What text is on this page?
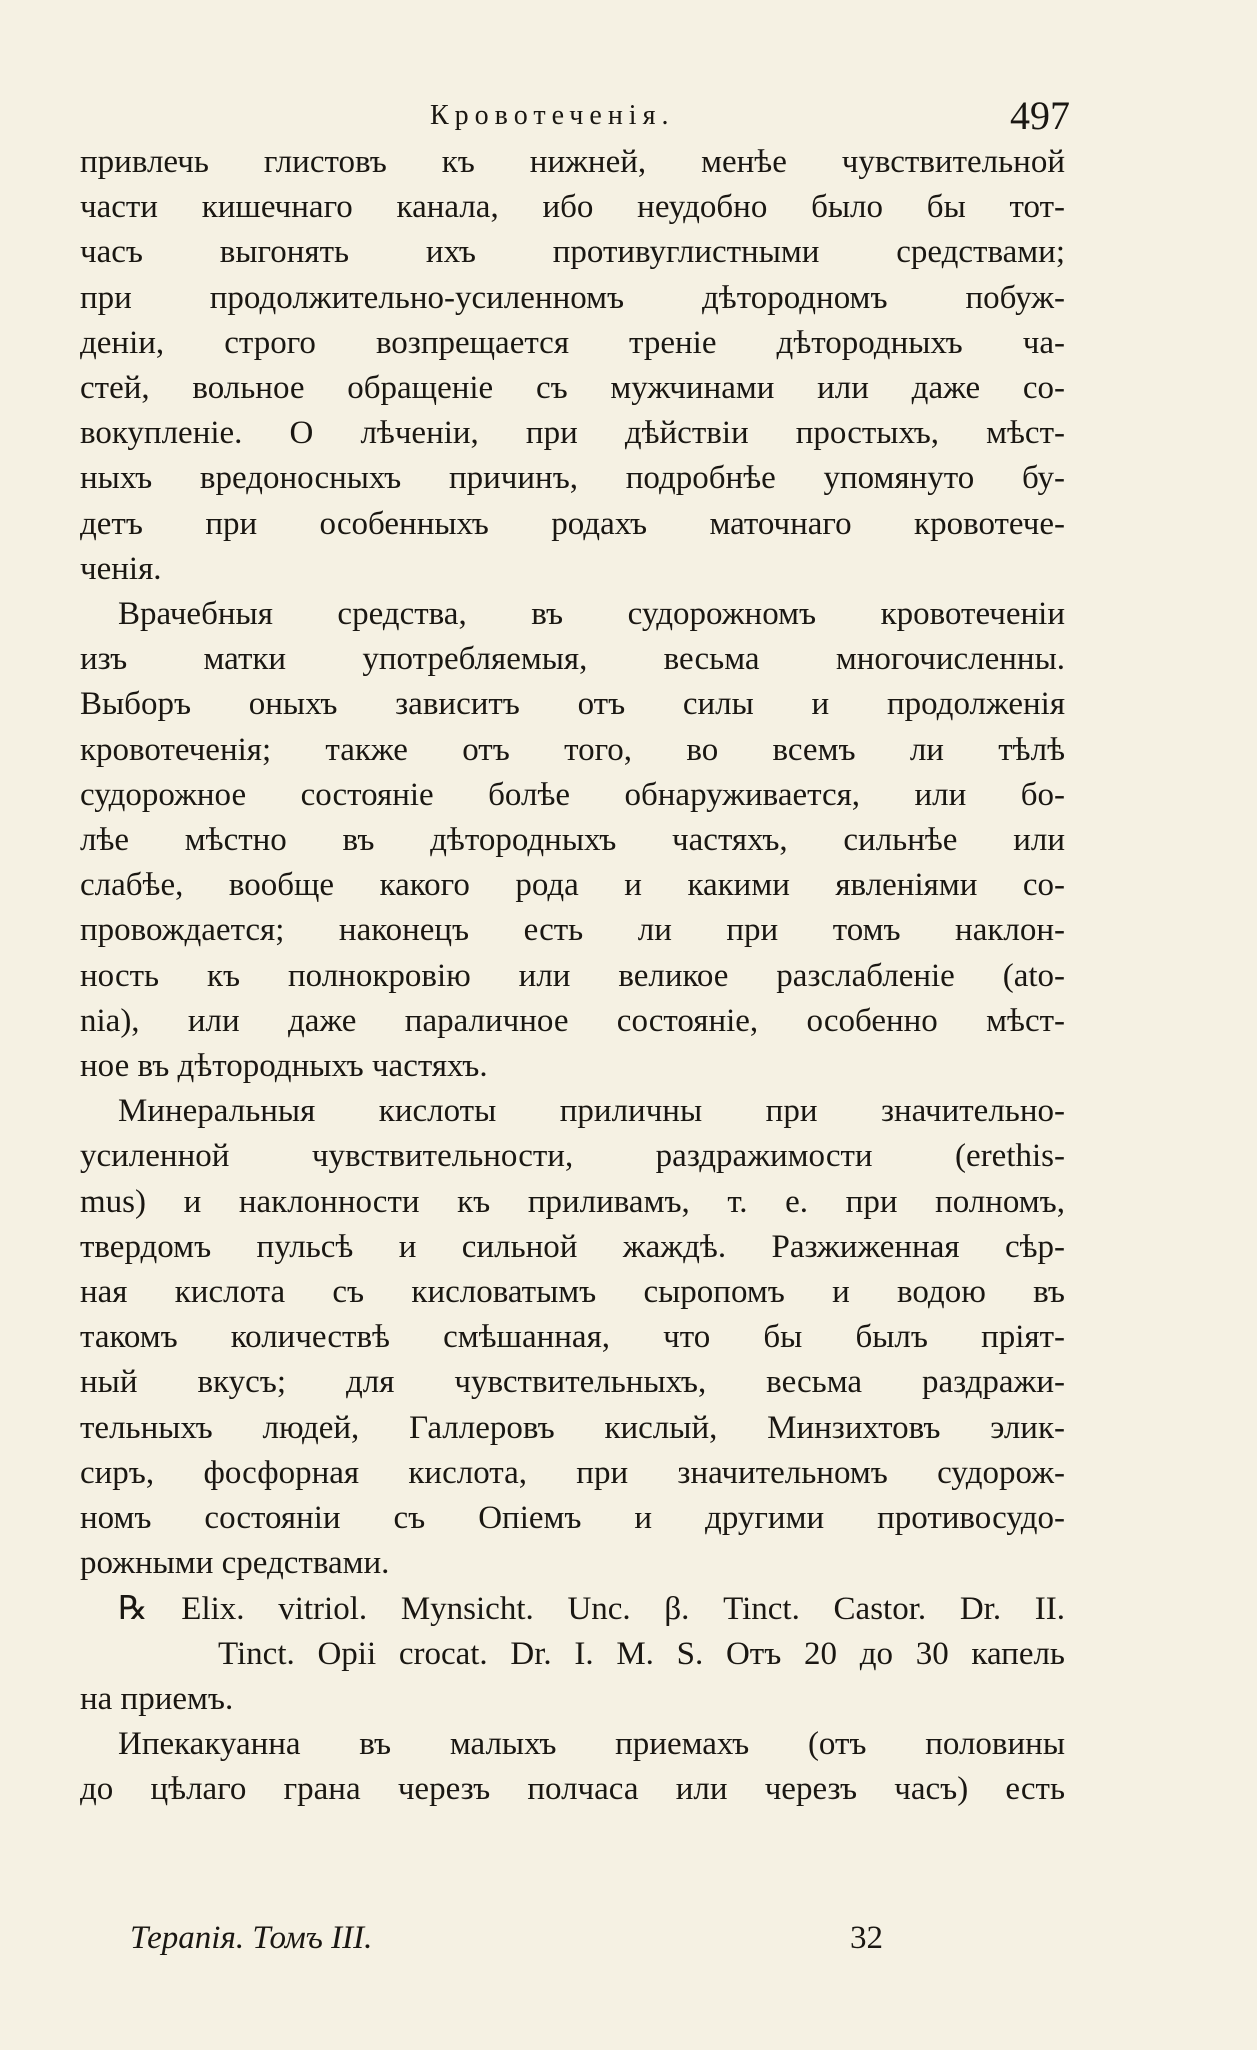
Кровотеченія.	497
привлечь глистовъ къ нижней, менѣе чувствительной
части кишечнаго канала, ибо неудобно было бы тот-
часъ выгонять ихъ противуглистными средствами;
при продолжительно-усиленномъ дѣтородномъ побуж-
деніи, строго возпрещается треніе дѣтородныхъ ча-
стей, вольное обращеніе съ мужчинами или даже со-
вокупленіе. О лѣченіи, при дѣйствіи простыхъ, мѣст-
ныхъ вредоносныхъ причинъ, подробнѣе упомянуто бу-
детъ при особенныхъ родахъ маточнаго кровотече-
ченія.
Врачебныя средства, въ судорожномъ кровотеченіи
изъ матки употребляемыя, весьма многочисленны.
Выборъ оныхъ зависитъ отъ силы и продолженія
кровотеченія; также отъ того, во всемъ ли тѣлѣ
судорожное состояніе болѣе обнаруживается, или бо-
лѣе мѣстно въ дѣтородныхъ частяхъ, сильнѣе или
слабѣе, вообще какого рода и какими явленіями со-
провождается; наконецъ есть ли при томъ наклон-
ность къ полнокровію или великое разслабленіе (ato-
nia), или даже параличное состояніе, особенно мѣст-
ное въ дѣтородныхъ частяхъ.
Минеральныя кислоты приличны при значительно-
усиленной чувствительности, раздражимости (erethis-
mus) и наклонности къ приливамъ, т. е. при полномъ,
твердомъ пульсѣ и сильной жаждѣ. Разжиженная сѣр-
ная кислота съ кисловатымъ сыропомъ и водою въ
такомъ количествѣ смѣшанная, что бы былъ пріят-
ный вкусъ; для чувствительныхъ, весьма раздражи-
тельныхъ людей, Галлеровъ кислый, Минзихтовъ элик-
сиръ, фосфорная кислота, при значительномъ судорож-
номъ состояніи съ Опіемъ и другими противосудо-
рожными средствами.
℞ Elix. vitriol. Mynsicht. Unc. β. Tinct. Castor. Dr. II.
Tinct. Opii crocat. Dr. I. M. S. Отъ 20 до 30 капель
на приемъ.
Ипекакуанна въ малыхъ приемахъ (отъ половины
до цѣлаго грана черезъ полчаса или черезъ часъ) есть
Терапія. Томъ III.	32
